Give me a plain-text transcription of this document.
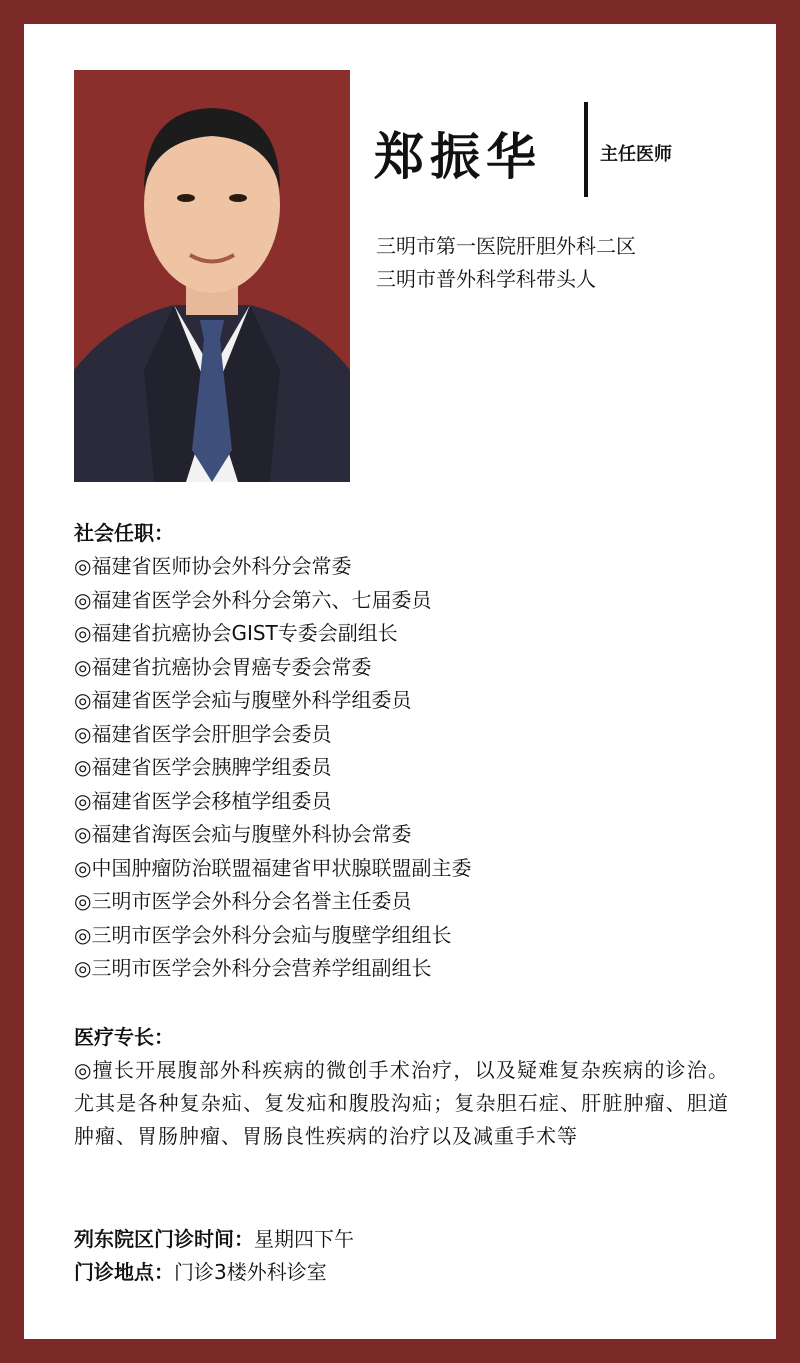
郑振华	主任医师
三明市第一医院肝胆外科二区
三明市普外科学科带头人
社会任职：
◎福建省医师协会外科分会常委
◎福建省医学会外科分会第六、七届委员
◎福建省抗癌协会GIST专委会副组长
◎福建省抗癌协会胃癌专委会常委
◎福建省医学会疝与腹壁外科学组委员
◎福建省医学会肝胆学会委员
◎福建省医学会胰脾学组委员
◎福建省医学会移植学组委员
◎福建省海医会疝与腹壁外科协会常委
◎中国肿瘤防治联盟福建省甲状腺联盟副主委
◎三明市医学会外科分会名誉主任委员
◎三明市医学会外科分会疝与腹壁学组组长
◎三明市医学会外科分会营养学组副组长
医疗专长：
◎擅长开展腹部外科疾病的微创手术治疗，以及疑难复杂疾病的诊治。尤其是各种复杂疝、复发疝和腹股沟疝；复杂胆石症、肝脏肿瘤、胆道肿瘤、胃肠肿瘤、胃肠良性疾病的治疗以及减重手术等
列东院区门诊时间：星期四下午
门诊地点：门诊3楼外科诊室
